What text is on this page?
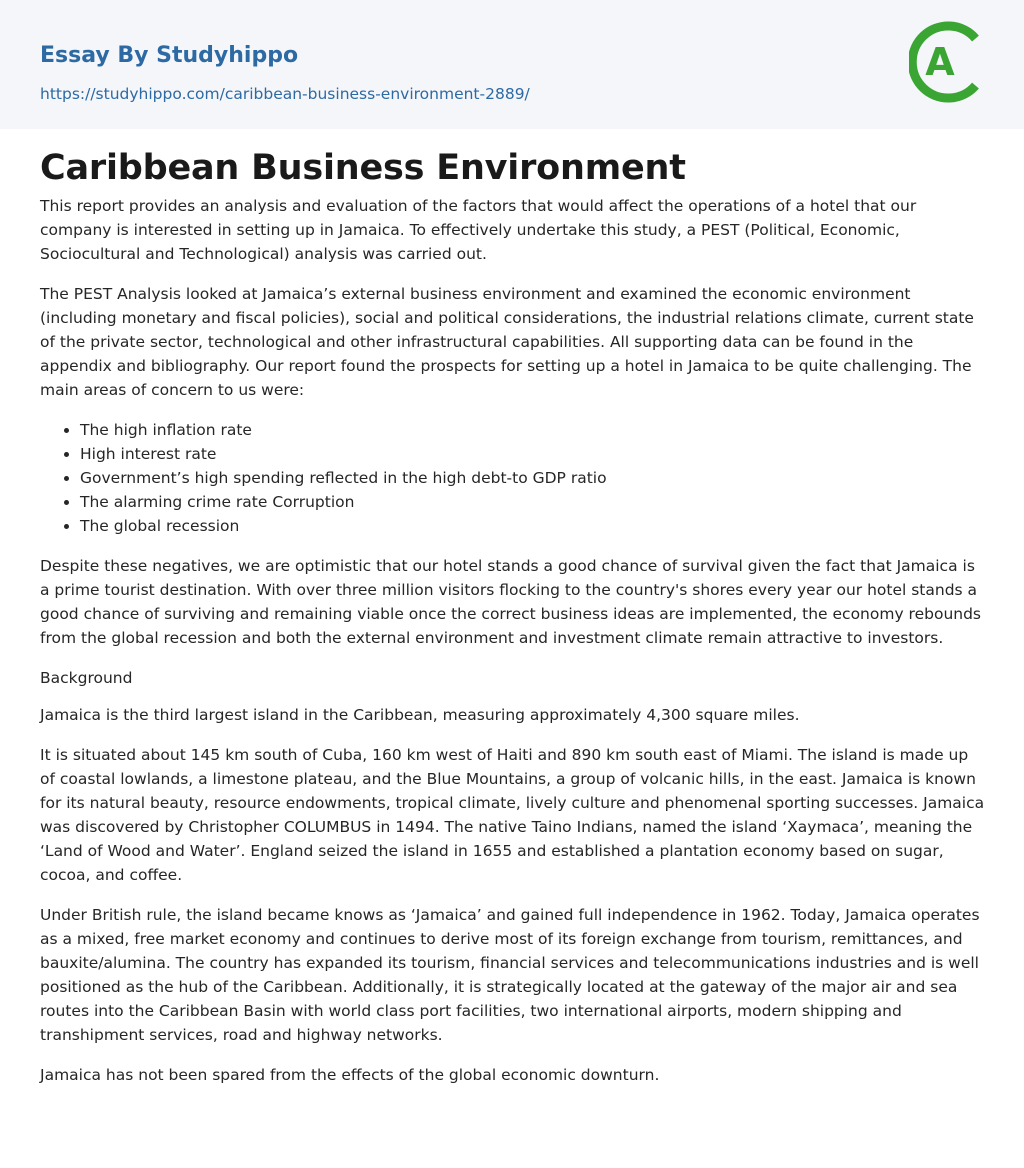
Essay By Studyhippo
https://studyhippo.com/caribbean-business-environment-2889/
A
Caribbean Business Environment

This report provides an analysis and evaluation of the factors that would affect the operations of a hotel that our company is interested in setting up in Jamaica. To effectively undertake this study, a PEST (Political, Economic, Sociocultural and Technological) analysis was carried out.

The PEST Analysis looked at Jamaica’s external business environment and examined the economic environment (including monetary and fiscal policies), social and political considerations, the industrial relations climate, current state of the private sector, technological and other infrastructural capabilities. All supporting data can be found in the appendix and bibliography. Our report found the prospects for setting up a hotel in Jamaica to be quite challenging. The main areas of concern to us were:

• The high inflation rate
• High interest rate
• Government’s high spending reflected in the high debt-to GDP ratio
• The alarming crime rate Corruption
• The global recession

Despite these negatives, we are optimistic that our hotel stands a good chance of survival given the fact that Jamaica is a prime tourist destination. With over three million visitors flocking to the country's shores every year our hotel stands a good chance of surviving and remaining viable once the correct business ideas are implemented, the economy rebounds from the global recession and both the external environment and investment climate remain attractive to investors.

Background

Jamaica is the third largest island in the Caribbean, measuring approximately 4,300 square miles.

It is situated about 145 km south of Cuba, 160 km west of Haiti and 890 km south east of Miami. The island is made up of coastal lowlands, a limestone plateau, and the Blue Mountains, a group of volcanic hills, in the east. Jamaica is known for its natural beauty, resource endowments, tropical climate, lively culture and phenomenal sporting successes. Jamaica was discovered by Christopher COLUMBUS in 1494. The native Taino Indians, named the island ‘Xaymaca’, meaning the ‘Land of Wood and Water’. England seized the island in 1655 and established a plantation economy based on sugar, cocoa, and coffee.

Under British rule, the island became knows as ‘Jamaica’ and gained full independence in 1962. Today, Jamaica operates as a mixed, free market economy and continues to derive most of its foreign exchange from tourism, remittances, and bauxite/alumina. The country has expanded its tourism, financial services and telecommunications industries and is well positioned as the hub of the Caribbean. Additionally, it is strategically located at the gateway of the major air and sea routes into the Caribbean Basin with world class port facilities, two international airports, modern shipping and transhipment services, road and highway networks.

Jamaica has not been spared from the effects of the global economic downturn.
